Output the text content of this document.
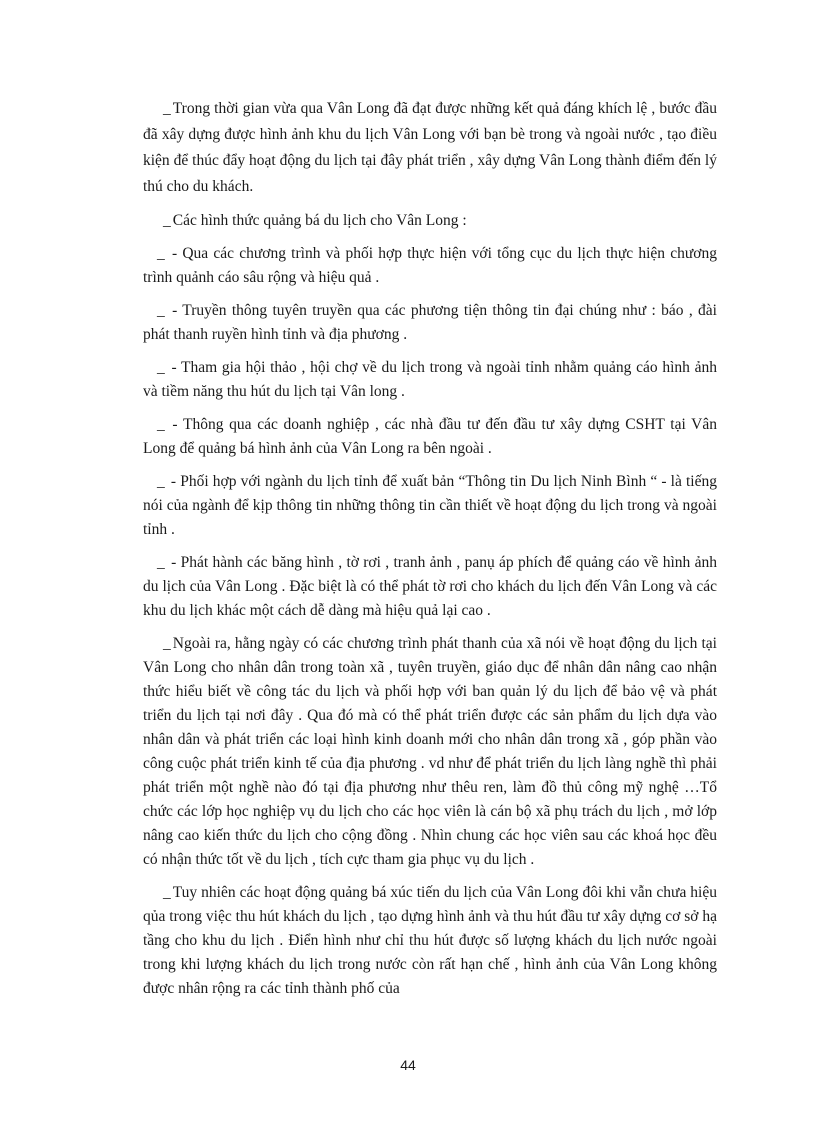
_ Trong thời gian vừa qua Vân Long đã đạt được những kết quả đáng khích lệ , bước đầu đã xây dựng được hình ảnh khu du lịch Vân Long với bạn bè trong và ngoài nước , tạo điều kiện để thúc đẩy hoạt động du lịch tại đây phát triển , xây dựng Vân Long thành điểm đến lý thú cho du khách.

_ Các hình thức quảng bá du lịch cho Vân Long :

_ - Qua các chương trình và phối hợp thực hiện với tổng cục du lịch thực hiện chương trình quảnh cáo sâu rộng và hiệu quả .

_ - Truyền thông tuyên truyền qua các phương tiện thông tin đại chúng như : báo , đài phát thanh ruyền hình tỉnh và địa phương .

_ - Tham gia hội thảo , hội chợ về du lịch trong và ngoài tỉnh nhằm quảng cáo hình ảnh và tiềm năng thu hút du lịch tại Vân long .

_ - Thông qua các doanh nghiệp , các nhà đầu tư đến đầu tư xây dựng CSHT tại Vân Long để quảng bá hình ảnh của Vân Long ra bên ngoài .

_ - Phối hợp với ngành du lịch tỉnh để xuất bản “Thông tin Du lịch Ninh Bình “ - là tiếng nói của ngành để kịp thông tin những thông tin cần thiết về hoạt động du lịch trong và ngoài tỉnh .

_ - Phát hành các băng hình , tờ rơi , tranh ảnh , panụ áp phích để quảng cáo về hình ảnh du lịch của Vân Long . Đặc biệt là có thể phát tờ rơi cho khách du lịch đến Vân Long và các khu du lịch khác một cách dễ dàng mà hiệu quả lại cao .

_ Ngoài ra, hằng ngày có các chương trình phát thanh của xã nói về hoạt động du lịch tại Vân Long cho nhân dân trong toàn xã , tuyên truyền, giáo dục để nhân dân nâng cao nhận thức hiểu biết về công tác du lịch và phối hợp với ban quản lý du lịch để bảo vệ và phát triển du lịch tại nơi đây . Qua đó mà có thể phát triển được các sản phẩm du lịch dựa vào nhân dân và phát triển các loại hình kinh doanh mới cho nhân dân trong xã , góp phần vào công cuộc phát triển kinh tế của địa phương . vd như để phát triển du lịch làng nghề thì phải phát triển một nghề nào đó tại địa phương như thêu ren, làm đồ thủ công mỹ nghệ …Tổ chức các lớp học nghiệp vụ du lịch cho các học viên là cán bộ xã phụ trách du lịch , mở lớp nâng cao kiến thức du lịch cho cộng đồng . Nhìn chung các học viên sau các khoá học đều có nhận thức tốt về du lịch , tích cực tham gia phục vụ du lịch .

_ Tuy nhiên các hoạt động quảng bá xúc tiến du lịch của Vân Long đôi khi vẫn chưa hiệu qủa trong việc thu hút khách du lịch , tạo dựng hình ảnh và thu hút đầu tư xây dựng cơ sở hạ tầng cho khu du lịch . Điển hình như chỉ thu hút được số lượng khách du lịch nước ngoài trong khi lượng khách du lịch trong nước còn rất hạn chế , hình ảnh của Vân Long không được nhân rộng ra các tỉnh thành phố của

44
